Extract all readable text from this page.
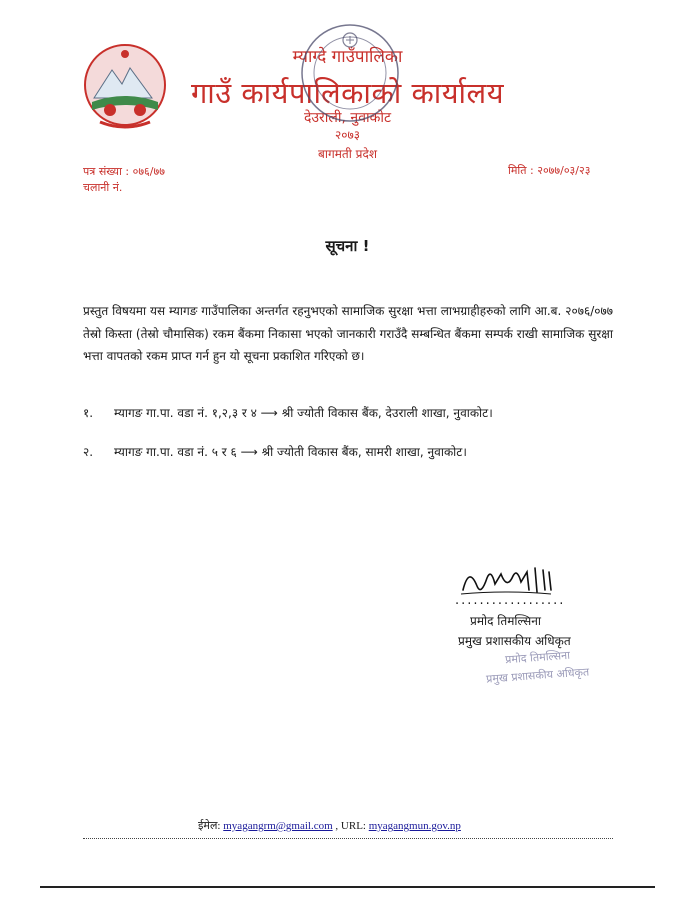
म्याग्दे गाउँपालिका
गाउँ कार्यपालिकाको कार्यालय
देउराली, नुवाकोट
२०७३
बागमती प्रदेश
पत्र संख्या : ०७६/७७
चलानी नं.
मिति : २०७७/०३/२३
सूचना !
प्रस्तुत विषयमा यस म्यागङ गाउँपालिका अन्तर्गत रहनुभएको सामाजिक सुरक्षा भत्ता लाभग्राहीहरुको लागि आ.ब. २०७६/०७७ तेस्रो किस्ता (तेस्रो चौमासिक) रकम बैंकमा निकासा भएको जानकारी गराउँदै सम्बन्धित बैंकमा सम्पर्क राखी सामाजिक सुरक्षा भत्ता वापतको रकम प्राप्त गर्न हुन यो सूचना प्रकाशित गरिएको छ।
१. म्यागङ गा.पा. वडा नं. १,२,३ र ४ ⟶ श्री ज्योती विकास बैंक, देउराली शाखा, नुवाकोट।
२. म्यागङ गा.पा. वडा नं. ५ र ६ ⟶ श्री ज्योती विकास बैंक, सामरी शाखा, नुवाकोट।
..................
प्रमोद तिमल्सिना
प्रमुख प्रशासकीय अधिकृत
प्रमोद तिमल्सिना
प्रमुख प्रशासकीय अधिकृत
ईमेल: myagangrm@gmail.com , URL: myagangmun.gov.np
